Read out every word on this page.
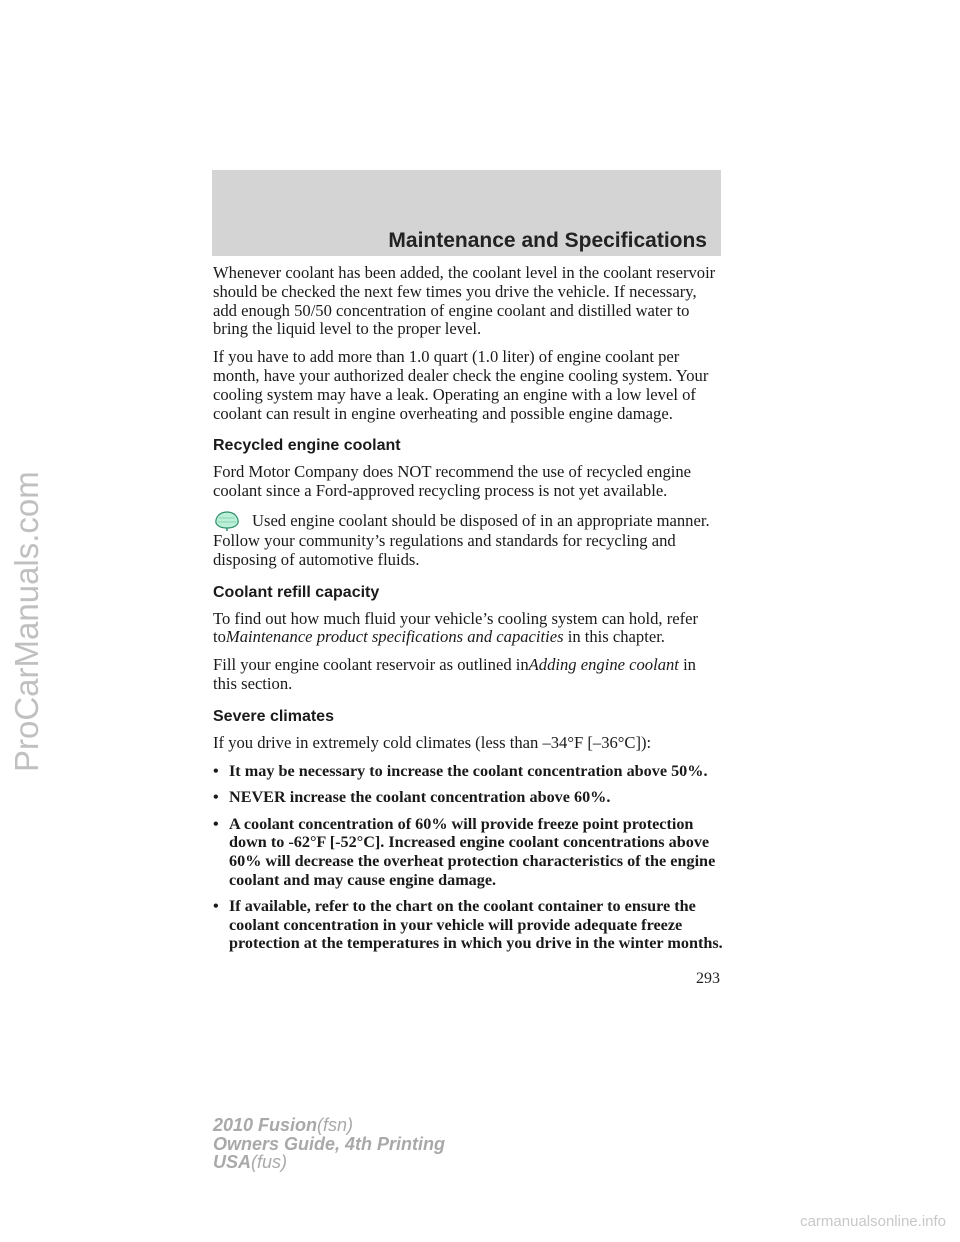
Maintenance and Specifications

Whenever coolant has been added, the coolant level in the coolant reservoir should be checked the next few times you drive the vehicle. If necessary, add enough 50/50 concentration of engine coolant and distilled water to bring the liquid level to the proper level.

If you have to add more than 1.0 quart (1.0 liter) of engine coolant per month, have your authorized dealer check the engine cooling system. Your cooling system may have a leak. Operating an engine with a low level of coolant can result in engine overheating and possible engine damage.

Recycled engine coolant

Ford Motor Company does NOT recommend the use of recycled engine coolant since a Ford-approved recycling process is not yet available.

Used engine coolant should be disposed of in an appropriate manner. Follow your community’s regulations and standards for recycling and disposing of automotive fluids.

Coolant refill capacity

To find out how much fluid your vehicle’s cooling system can hold, refer toMaintenance product specifications and capacities in this chapter.

Fill your engine coolant reservoir as outlined inAdding engine coolant in this section.

Severe climates

If you drive in extremely cold climates (less than –34°F [–36°C]):

• It may be necessary to increase the coolant concentration above 50%.
• NEVER increase the coolant concentration above 60%.
• A coolant concentration of 60% will provide freeze point protection down to -62°F [-52°C]. Increased engine coolant concentrations above 60% will decrease the overheat protection characteristics of the engine coolant and may cause engine damage.
• If available, refer to the chart on the coolant container to ensure the coolant concentration in your vehicle will provide adequate freeze protection at the temperatures in which you drive in the winter months.
293
2010 Fusion(fsn)
Owners Guide, 4th Printing
USA(fus)
ProCarManuals.com
carmanualsonline.info
